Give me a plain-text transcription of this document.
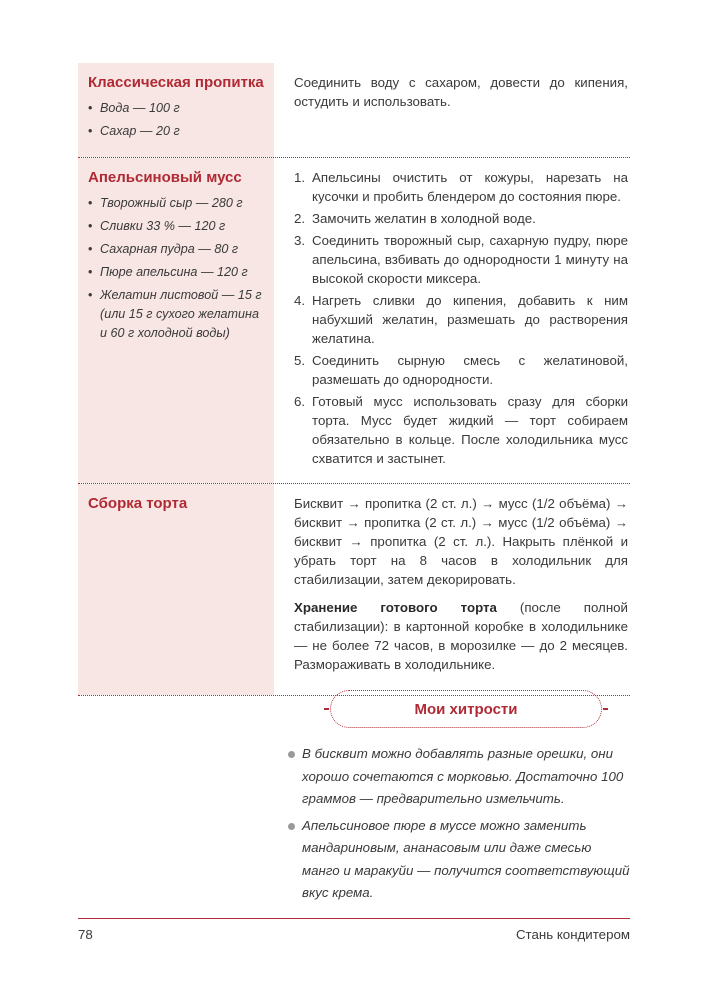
Классическая пропитка
• Вода — 100 г
• Сахар — 20 г

Соединить воду с сахаром, довести до кипения, остудить и использовать.

Апельсиновый мусс
• Творожный сыр — 280 г
• Сливки 33 % — 120 г
• Сахарная пудра — 80 г
• Пюре апельсина — 120 г
• Желатин листовой — 15 г (или 15 г сухого желатина и 60 г холодной воды)
1. Апельсины очистить от кожуры, нарезать на кусочки и пробить блендером до состояния пюре.
2. Замочить желатин в холодной воде.
3. Соединить творожный сыр, сахарную пудру, пюре апельсина, взбивать до однородности 1 минуту на высокой скорости миксера.
4. Нагреть сливки до кипения, добавить к ним набухший желатин, размешать до растворения желатина.
5. Соединить сырную смесь с желатиновой, размешать до однородности.
6. Готовый мусс использовать сразу для сборки торта. Мусс будет жидкий — торт собираем обязательно в кольце. После холодильника мусс схватится и застынет.
Сборка торта	Бисквит → пропитка (2 ст. л.) → мусс (1/2 объёма) → бисквит → пропитка (2 ст. л.) → мусс (1/2 объёма) → бисквит → пропитка (2 ст. л.). Накрыть плёнкой и убрать торт на 8 часов в холодильник для стабилизации, затем декорировать.

Хранение готового торта (после полной стабилизации): в картонной коробке в холодильнике — не более 72 часов, в морозилке — до 2 месяцев. Размораживать в холодильнике.

Мои хитрости
В бисквит можно добавлять разные орешки, они хорошо сочетаются с морковью. Достаточно 100 граммов — предварительно измельчить.
Апельсиновое пюре в муссе можно заменить мандариновым, ананасовым или даже смесью манго и маракуйи — получится соответствующий вкус крема.
78	Стань кондитером
